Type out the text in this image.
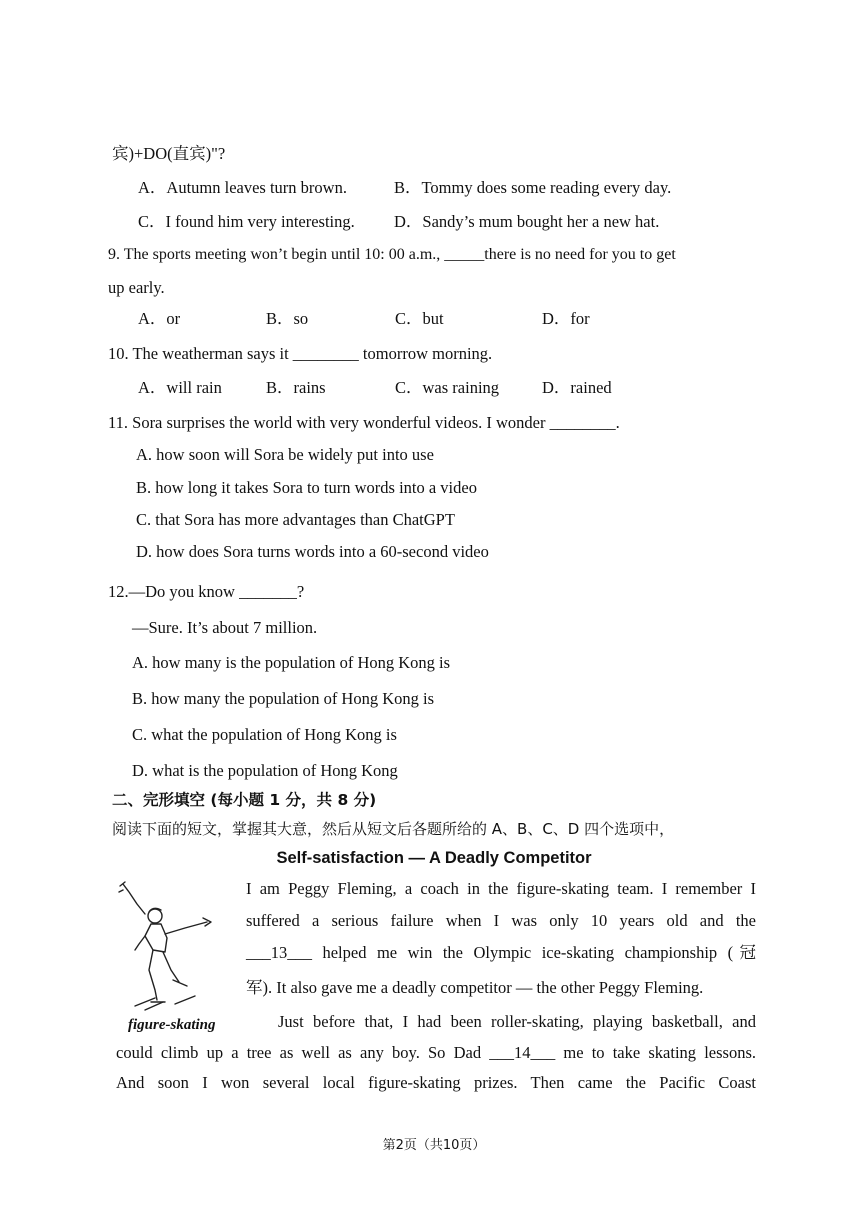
宾)+DO(直宾)"?
A．Autumn leaves turn brown.	B．Tommy does some reading every day.
C．I found him very interesting. D．Sandy’s mum bought her a new hat.
9. The sports meeting won’t begin until 10: 00 a.m., _____there is no need for you to get
up early.
A．or	B．so	C．but	D．for
10. The weatherman says it ________ tomorrow morning.
A．will rain	B．rains	C．was raining	D．rained
11. Sora surprises the world with very wonderful videos. I wonder ________.
A. how soon will Sora be widely put into use
B. how long it takes Sora to turn words into a video
C. that Sora has more advantages than ChatGPT
D. how does Sora turns words into a 60-second video
12.—Do you know _______?
—Sure. It’s about 7 million.
A. how many is the population of Hong Kong is
B. how many the population of Hong Kong is
C. what the population of Hong Kong is
D. what is the population of Hong Kong
二、完形填空 (每小题 1 分，共 8 分)
阅读下面的短文，掌握其大意，然后从短文后各题所给的 A、B、C、D 四个选项中，
Self-satisfaction — A Deadly Competitor
figure-skating
I am Peggy Fleming, a coach in the figure-skating team. I remember I
suffered a serious failure when I was only 10 years old and the
___13___ helped me win the Olympic ice-skating championship (冠
军). It also gave me a deadly competitor — the other Peggy Fleming.
Just before that, I had been roller-skating, playing basketball, and
could climb up a tree as well as any boy. So Dad ___14___ me to take skating lessons.
And soon I won several local figure-skating prizes. Then came the Pacific Coast
第2页（共10页）
